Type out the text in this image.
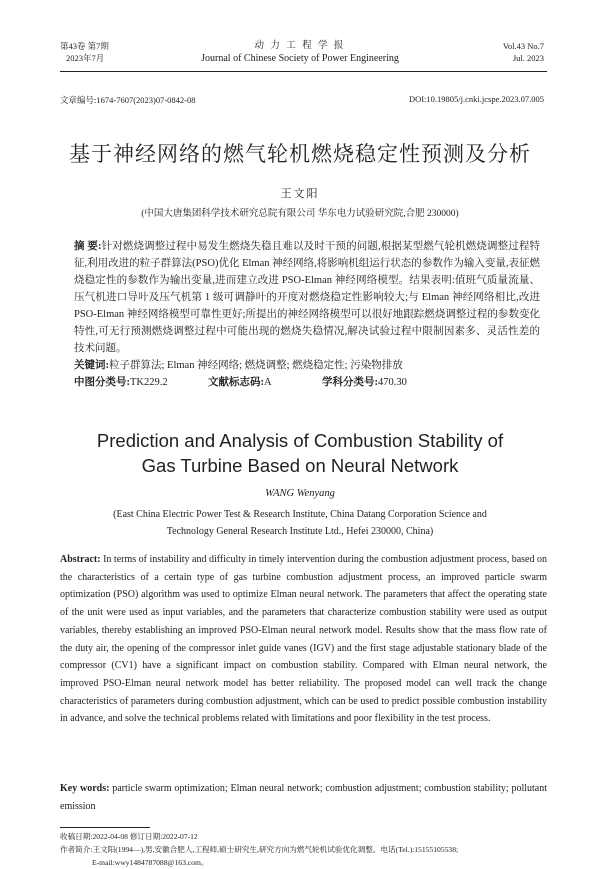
第43卷 第7期
2023年7月
动 力 工 程 学 报
Journal of Chinese Society of Power Engineering
Vol.43 No.7
Jul. 2023
文章编号:1674-7607(2023)07-0842-08	DOI:10.19805/j.cnki.jcspe.2023.07.005
基于神经网络的燃气轮机燃烧稳定性预测及分析
王文阳
(中国大唐集团科学技术研究总院有限公司 华东电力试验研究院,合肥 230000)
摘 要:针对燃烧调整过程中易发生燃烧失稳且难以及时干预的问题,根据某型燃气轮机燃烧调整过程特征,利用改进的粒子群算法(PSO)优化 Elman 神经网络,将影响机组运行状态的参数作为输入变量,表征燃烧稳定性的参数作为输出变量,进而建立改进 PSO-Elman 神经网络模型。结果表明:值班气质量流量、压气机进口导叶及压气机第 1 级可调静叶的开度对燃烧稳定性影响较大;与 Elman 神经网络相比,改进 PSO-Elman 神经网络模型可靠性更好;所提出的神经网络模型可以很好地跟踪燃烧调整过程的参数变化特性,可无行预测燃烧调整过程中可能出现的燃烧失稳情况,解决试验过程中限制因素多、灵活性差的技术问题。
关键词:粒子群算法; Elman 神经网络; 燃烧调整; 燃烧稳定性; 污染物排放
中图分类号:TK229.2	文献标志码:A	学科分类号:470.30
Prediction and Analysis of Combustion Stability of
Gas Turbine Based on Neural Network
WANG Wenyang
(East China Electric Power Test & Research Institute, China Datang Corporation Science and
Technology General Research Institute Ltd., Hefei 230000, China)
Abstract: In terms of instability and difficulty in timely intervention during the combustion adjustment process, based on the characteristics of a certain type of gas turbine combustion adjustment process, an improved particle swarm optimization (PSO) algorithm was used to optimize Elman neural network. The parameters that affect the operating state of the unit were used as input variables, and the parameters that characterize combustion stability were used as output variables, thereby establishing an improved PSO-Elman neural network model. Results show that the mass flow rate of the duty air, the opening of the compressor inlet guide vanes (IGV) and the first stage adjustable stationary blade of the compressor (CV1) have a significant impact on combustion stability. Compared with Elman neural network, the improved PSO-Elman neural network model has better reliability. The proposed model can well track the change characteristics of parameters during combustion adjustment, which can be used to predict possible combustion instability in advance, and solve the technical problems related with limitations and poor flexibility in the test process.
Key words: particle swarm optimization; Elman neural network; combustion adjustment; combustion stability; pollutant emission
收稿日期:2022-04-08 修订日期:2022-07-12
作者简介:王文阳(1994—),男,安徽合肥人,工程师,硕士研究生,研究方向为燃气轮机试验优化调整。电话(Tel.):15155105538;
E-mail:wwy1484787088@163.com。
